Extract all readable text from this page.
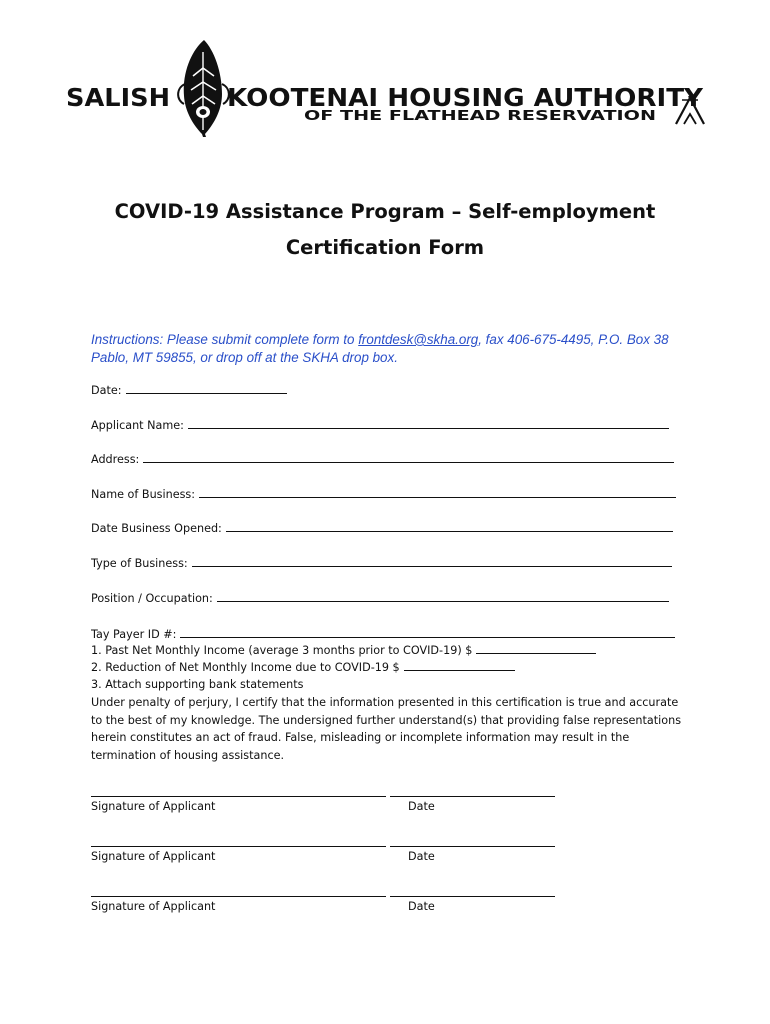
SALISH KOOTENAI HOUSING AUTHORITY
OF THE FLATHEAD RESERVATION
COVID-19 Assistance Program – Self-employment
Certification Form
Instructions: Please submit complete form to frontdesk@skha.org, fax 406-675-4495, P.O. Box 38 Pablo, MT 59855, or drop off at the SKHA drop box.
Date:
Applicant Name:
Address:
Name of Business:
Date Business Opened:
Type of Business:
Position / Occupation:
Tay Payer ID #:
1. Past Net Monthly Income (average 3 months prior to COVID-19) $
2. Reduction of Net Monthly Income due to COVID-19 $
3. Attach supporting bank statements
Under penalty of perjury, I certify that the information presented in this certification is true and accurate to the best of my knowledge. The undersigned further understand(s) that providing false representations herein constitutes an act of fraud. False, misleading or incomplete information may result in the termination of housing assistance.
Signature of Applicant	Date
Signature of Applicant	Date
Signature of Applicant	Date
